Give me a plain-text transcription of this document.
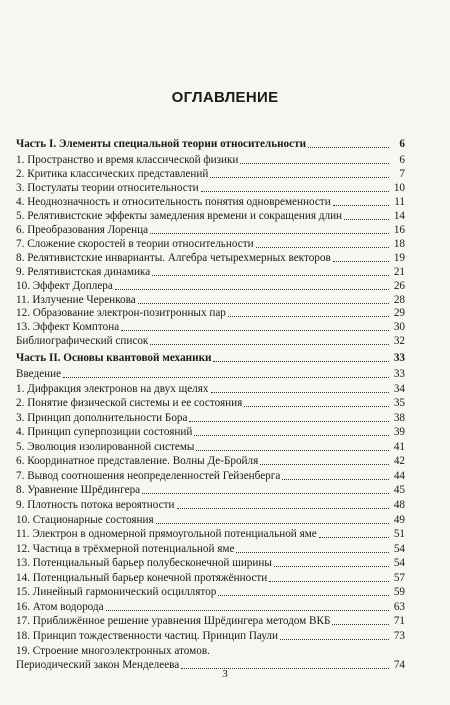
ОГЛАВЛЕНИЕ
Часть I. Элементы специальной теории относительности	6
1. Пространство и время классической физики	6
2. Критика классических представлений	7
3. Постулаты теории относительности	10
4. Неоднозначность и относительность понятия одновременности	11
5. Релятивистские эффекты замедления времени и сокращения длин	14
6. Преобразования Лоренца	16
7. Сложение скоростей в теории относительности	18
8. Релятивистские инварианты. Алгебра четырехмерных векторов	19
9. Релятивистская динамика	21
10. Эффект Доплера	26
11. Излучение Черенкова	28
12. Образование электрон-позитронных пар	29
13. Эффект Комптона	30
Библиографический список	32
Часть II. Основы квантовой механики	33
Введение	33
1. Дифракция электронов на двух щелях	34
2. Понятие физической системы и ее состояния	35
3. Принцип дополнительности Бора	38
4. Принцип суперпозиции состояний	39
5. Эволюция изолированной системы	41
6. Координатное представление. Волны Де-Бройля	42
7. Вывод соотношения неопределенностей Гейзенберга	44
8. Уравнение Шрёдингера	45
9. Плотность потока вероятности	48
10. Стационарные состояния	49
11. Электрон в одномерной прямоугольной потенциальной яме	51
12. Частица в трёхмерной потенциальной яме	54
13. Потенциальный барьер полубесконечной ширины	54
14. Потенциальный барьер конечной протяжённости	57
15. Линейный гармонический осциллятор	59
16. Атом водорода	63
17. Приближённое решение уравнения Шрёдингера методом ВКБ	71
18. Принцип тождественности частиц. Принцип Паули	73
19. Строение многоэлектронных атомов.
Периодический закон Менделеева	74
3
